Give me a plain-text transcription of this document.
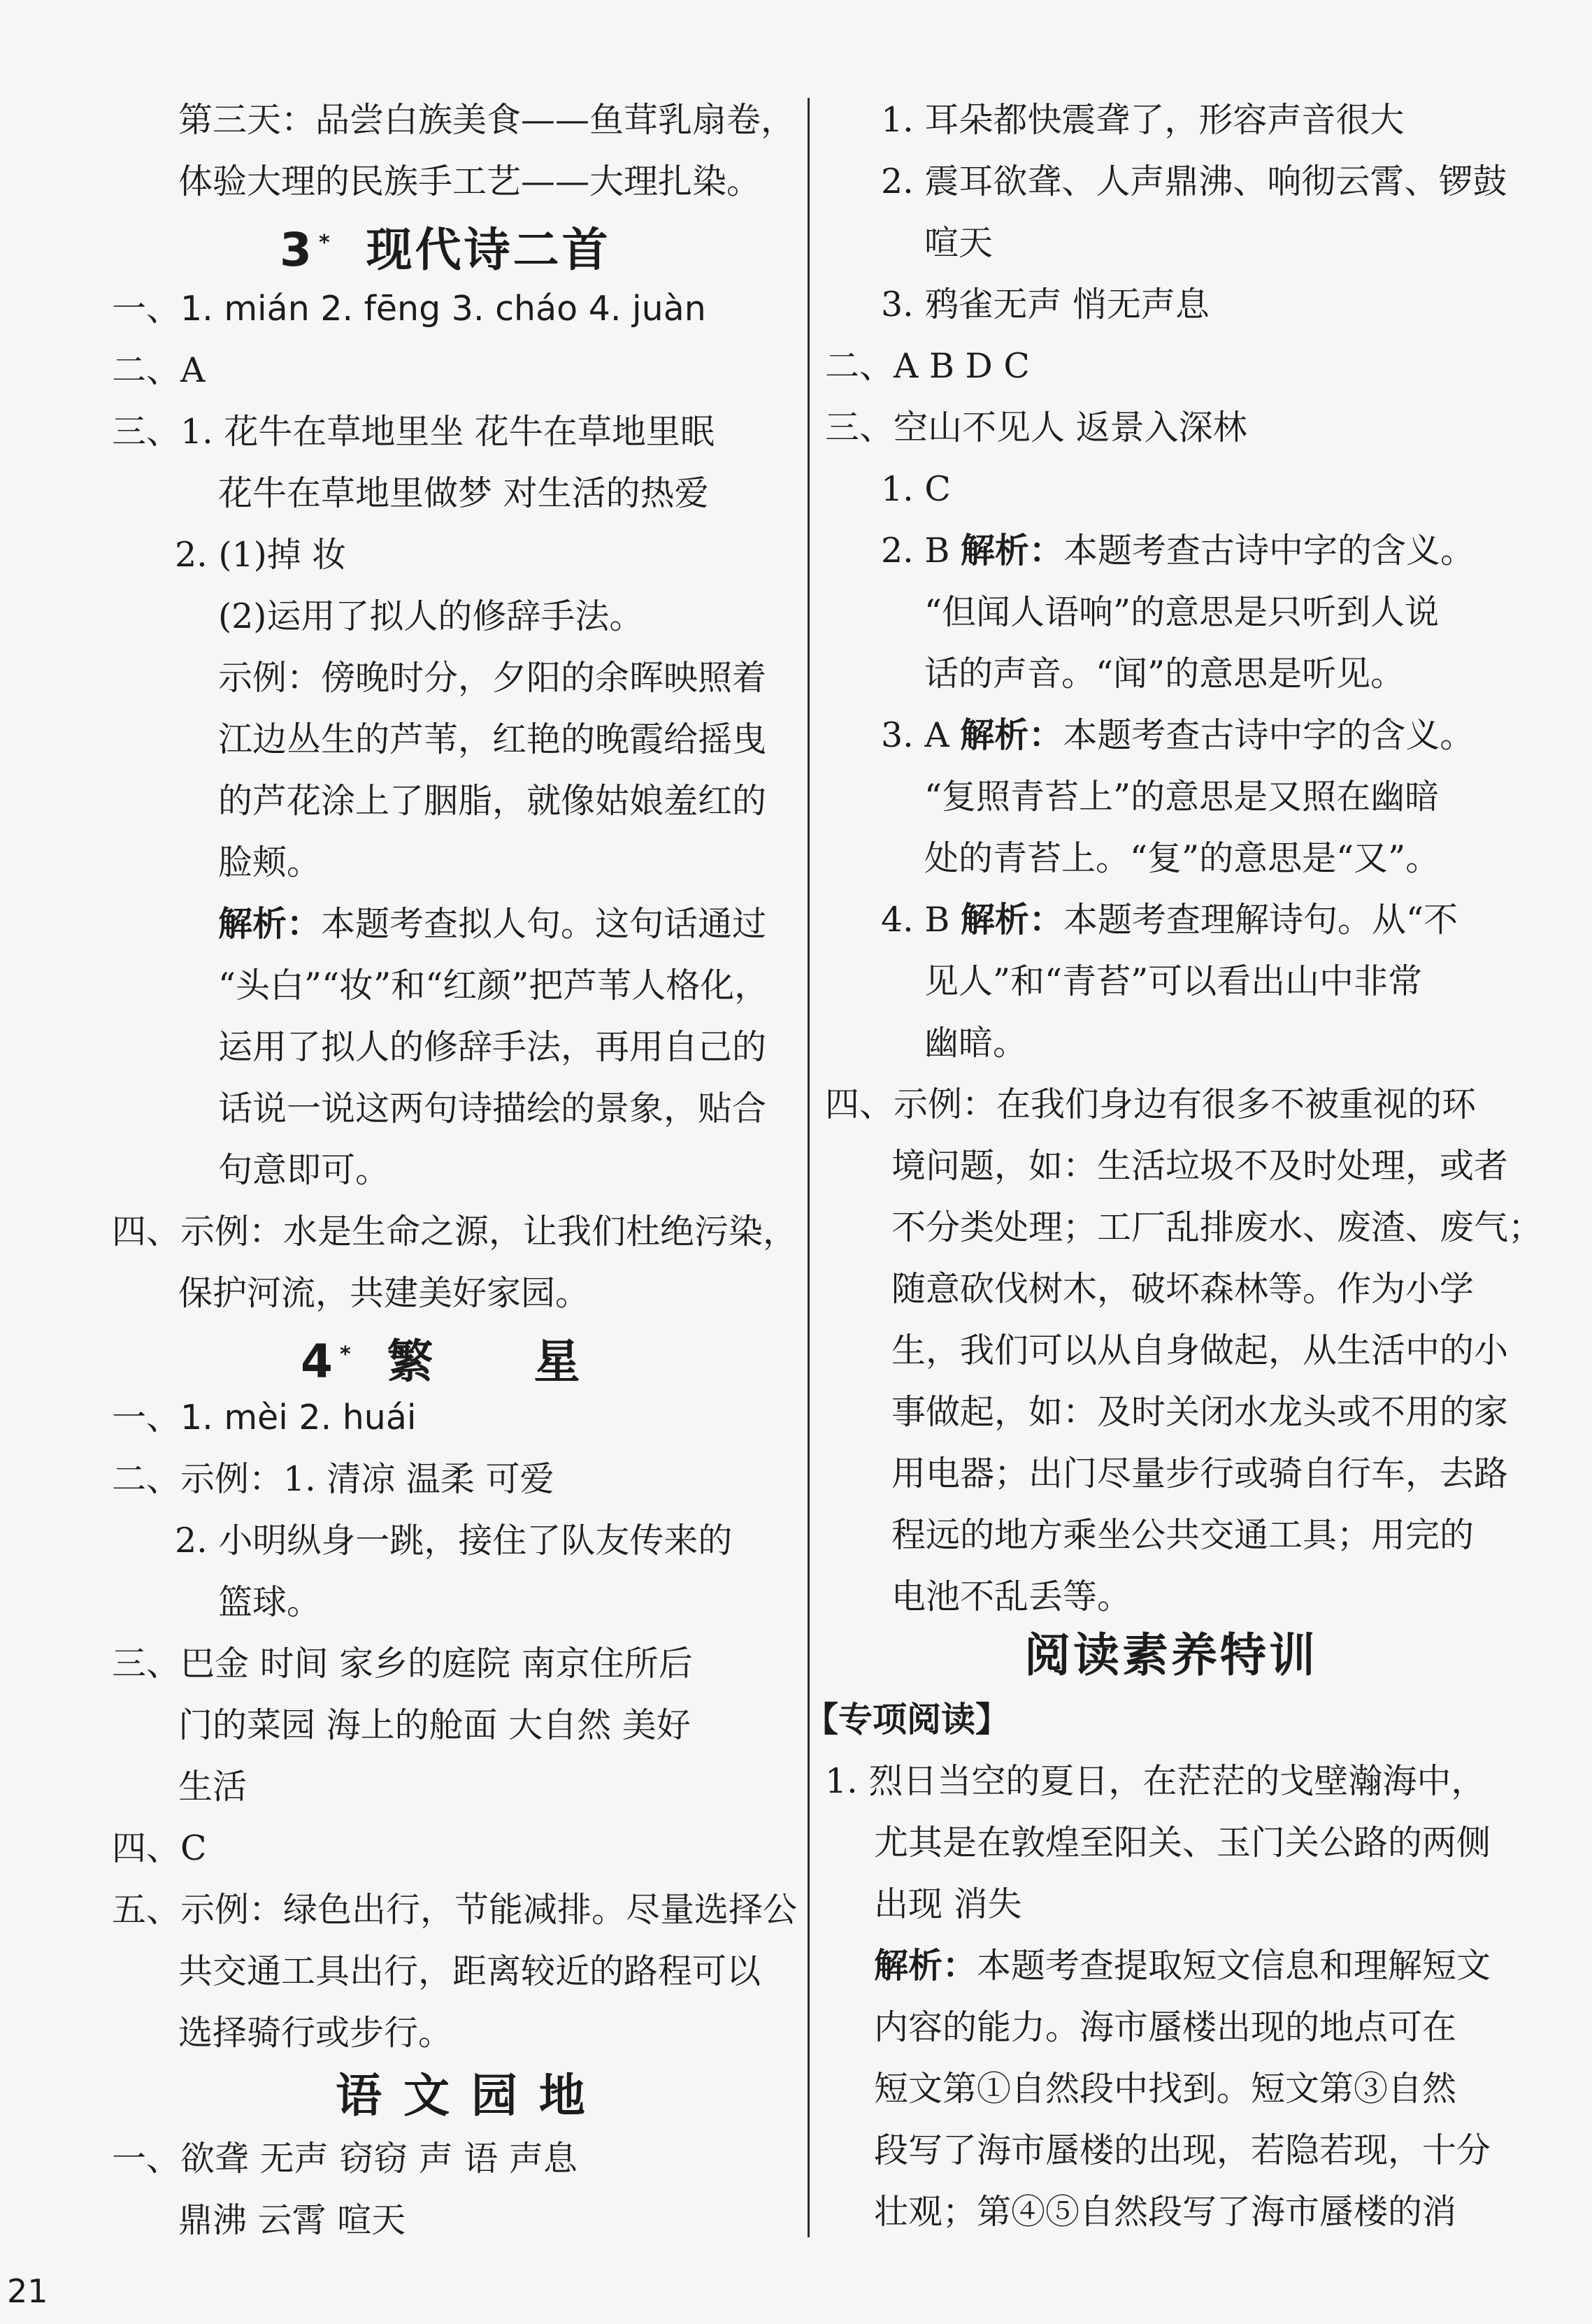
第三天：品尝白族美食——鱼茸乳扇卷，
体验大理的民族手工艺——大理扎染。
3 * 现代诗二首
一、1. mián 2. fēng 3. cháo 4. juàn
二、A
三、1. 花牛在草地里坐 花牛在草地里眠
花牛在草地里做梦 对生活的热爱
2. (1)掉 妆
(2)运用了拟人的修辞手法。
示例：傍晚时分，夕阳的余晖映照着
江边丛生的芦苇，红艳的晚霞给摇曳
的芦花涂上了胭脂，就像姑娘羞红的
脸颊。
解析：本题考查拟人句。这句话通过
“头白”“妆”和“红颜”把芦苇人格化，
运用了拟人的修辞手法，再用自己的
话说一说这两句诗描绘的景象，贴合
句意即可。
四、示例：水是生命之源，让我们杜绝污染，
保护河流，共建美好家园。
4 * 繁　　星
一、1. mèi 2. huái
二、示例：1. 清凉 温柔 可爱
2. 小明纵身一跳，接住了队友传来的
篮球。
三、巴金 时间 家乡的庭院 南京住所后
门的菜园 海上的舱面 大自然 美好
生活
四、C
五、示例：绿色出行，节能减排。尽量选择公
共交通工具出行，距离较近的路程可以
选择骑行或步行。
语 文 园 地
一、欲聋 无声 窃窃 声 语 声息
鼎沸 云霄 喧天
1. 耳朵都快震聋了，形容声音很大
2. 震耳欲聋、人声鼎沸、响彻云霄、锣鼓
喧天
3. 鸦雀无声 悄无声息
二、A B D C
三、空山不见人 返景入深林
1. C
2. B 解析：本题考查古诗中字的含义。
“但闻人语响”的意思是只听到人说
话的声音。“闻”的意思是听见。
3. A 解析：本题考查古诗中字的含义。
“复照青苔上”的意思是又照在幽暗
处的青苔上。“复”的意思是“又”。
4. B 解析：本题考查理解诗句。从“不
见人”和“青苔”可以看出山中非常
幽暗。
四、示例：在我们身边有很多不被重视的环
境问题，如：生活垃圾不及时处理，或者
不分类处理；工厂乱排废水、废渣、废气；
随意砍伐树木，破坏森林等。作为小学
生，我们可以从自身做起，从生活中的小
事做起，如：及时关闭水龙头或不用的家
用电器；出门尽量步行或骑自行车，去路
程远的地方乘坐公共交通工具；用完的
电池不乱丢等。
阅读素养特训
【专项阅读】
1. 烈日当空的夏日，在茫茫的戈壁瀚海中，
尤其是在敦煌至阳关、玉门关公路的两侧
出现 消失
解析：本题考查提取短文信息和理解短文
内容的能力。海市蜃楼出现的地点可在
短文第①自然段中找到。短文第③自然
段写了海市蜃楼的出现，若隐若现，十分
壮观；第④⑤自然段写了海市蜃楼的消
21
